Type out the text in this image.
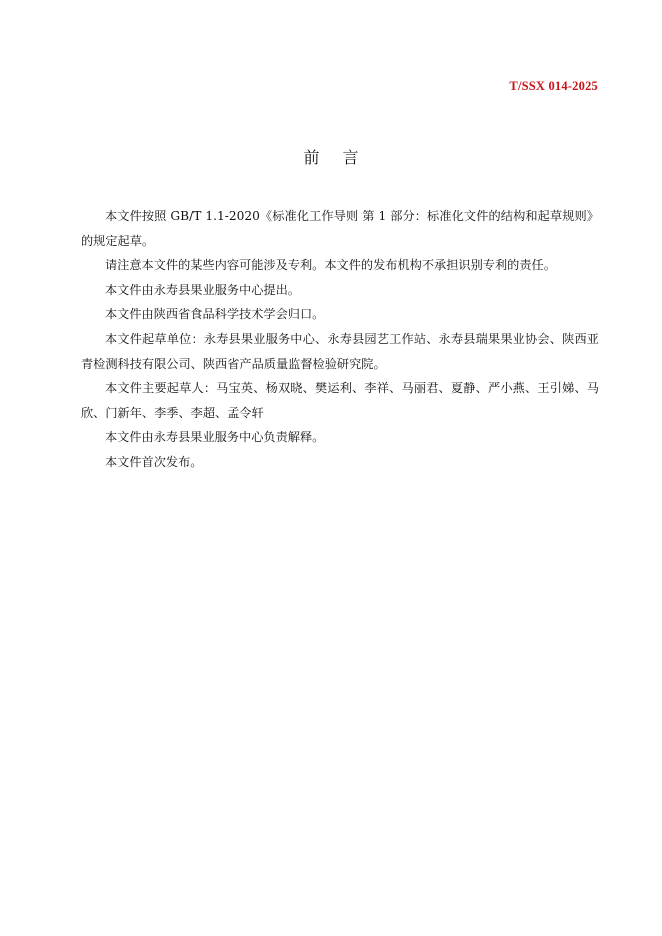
T/SSX 014-2025
前 言

本文件按照 GB/T 1.1-2020《标准化工作导则 第 1 部分：标准化文件的结构和起草规则》的规定起草。

请注意本文件的某些内容可能涉及专利。本文件的发布机构不承担识别专利的责任。

本文件由永寿县果业服务中心提出。

本文件由陕西省食品科学技术学会归口。

本文件起草单位：永寿县果业服务中心、永寿县园艺工作站、永寿县瑞果果业协会、陕西亚青检测科技有限公司、陕西省产品质量监督检验研究院。

本文件主要起草人：马宝英、杨双晓、樊运利、李祥、马丽君、夏静、严小燕、王引娣、马欣、门新年、李季、李超、孟令轩

本文件由永寿县果业服务中心负责解释。

本文件首次发布。
